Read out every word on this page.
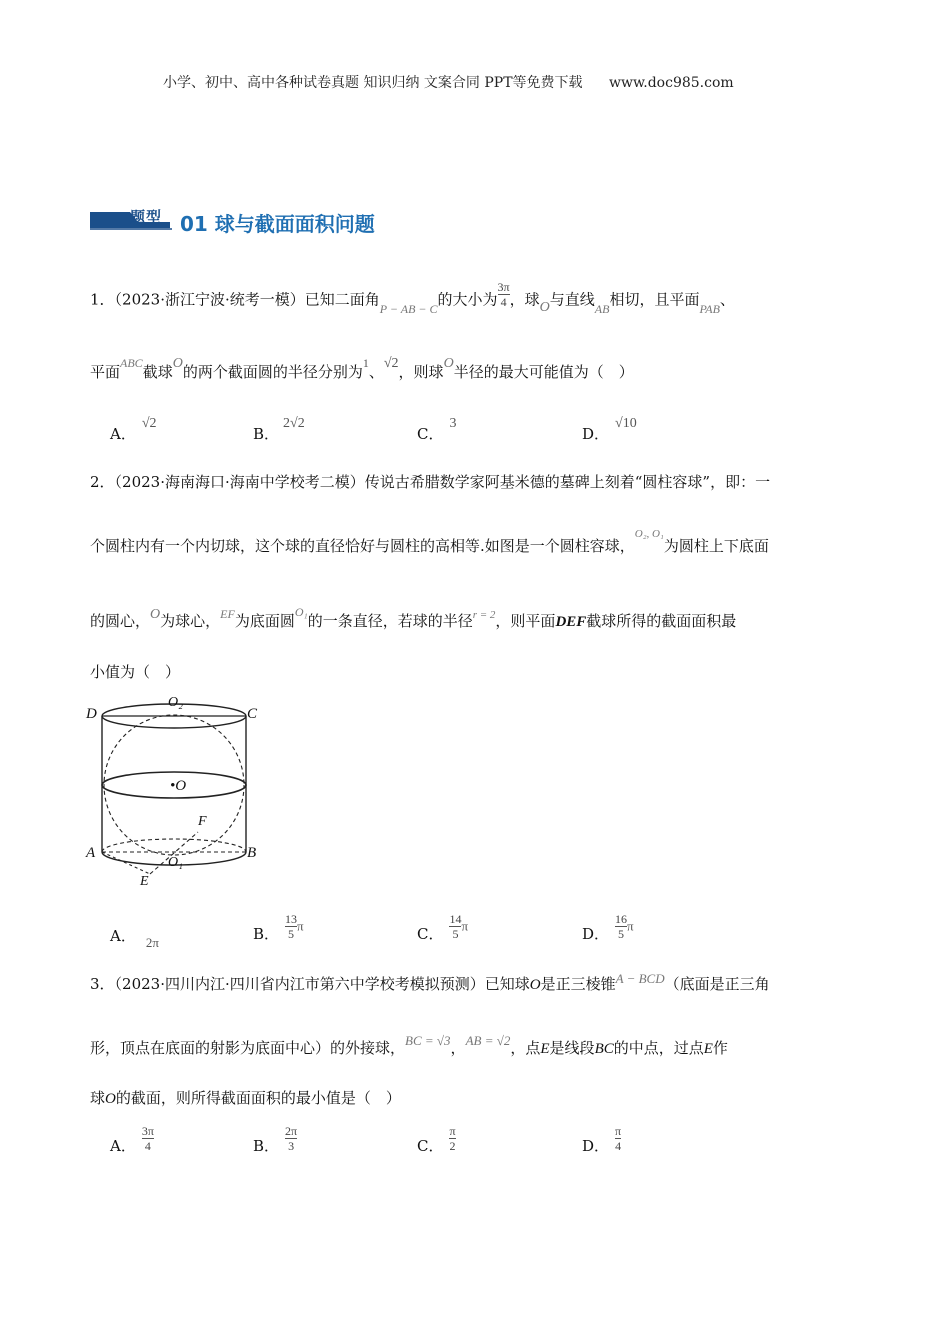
小学、初中、高中各种试卷真题 知识归纳 文案合同 PPT等免费下载 www.doc985.com
题型 01 球与截面面积问题
1．（2023·浙江宁波·统考一模）已知二面角$_{P - AB - C}$的大小为 $\frac{3\pi}{4}$ ，球O与直线$_{AB}$相切，且平面$_{PAB}$、
平面$^{ABC}$截球O的两个截面圆的半径分别为$^1$、√2，则球O半径的最大可能值为（　）
A．√2
B．2√2
C．3
D．√10
2．（2023·海南海口·海南中学校考二模）传说古希腊数学家阿基米德的墓碑上刻着“圆柱容球”，即：一
个圆柱内有一个内切球，这个球的直径恰好与圆柱的高相等.如图是一个圆柱容球，$^{O_2, O_1}$为圆柱上下底面
的圆心，O为球心，$^{EF}$为底面圆$^{O_1}$的一条直径，若球的半径$^{r = 2}$，则平面DEF截球所得的截面面积最
小值为（　）
D	C
O₂
•O
F
A	B
O₁
E
A． 2π	B． $\frac{13}{5}$ π	C． $\frac{14}{5}$ π	D． $\frac{16}{5}$ π
3．（2023·四川内江·四川省内江市第六中学校考模拟预测）已知球O是正三棱锥A − BCD（底面是正三角
形，顶点在底面的射影为底面中心）的外接球，BC = √3，AB = √2，点E是线段BC的中点，过点E作
球O的截面，则所得截面面积的最小值是（　）
A． $\frac{3\pi}{4}$	B． $\frac{2\pi}{3}$	C． $\frac{\pi}{2}$	D． $\frac{\pi}{4}$
